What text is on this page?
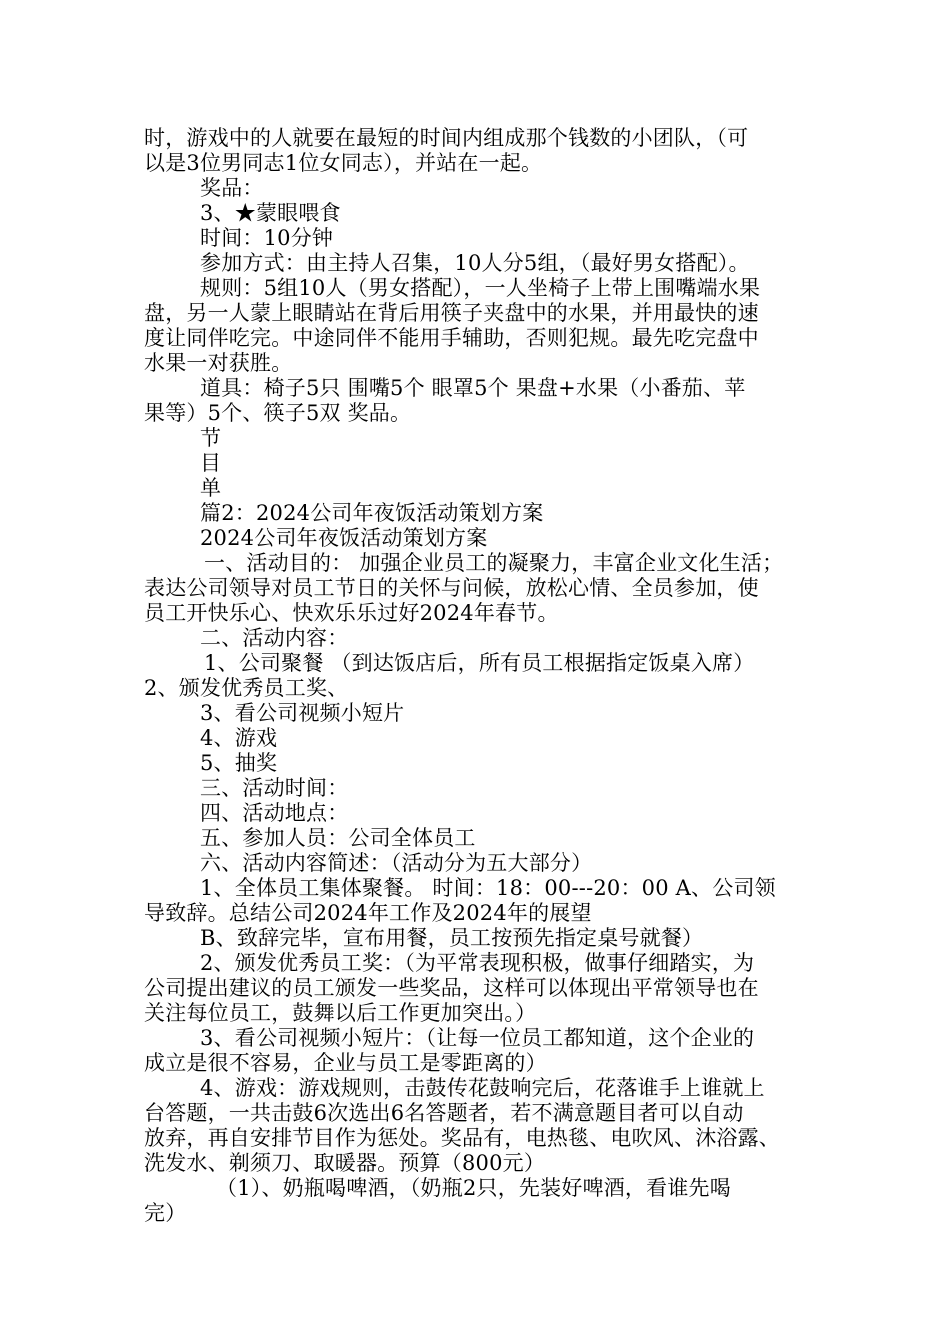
时，游戏中的人就要在最短的时间内组成那个钱数的小团队，（可
以是3位男同志1位女同志），并站在一起。
奖品：
3、★蒙眼喂食
时间：10分钟
参加方式：由主持人召集，10人分5组，（最好男女搭配）。
规则：5组10人（男女搭配），一人坐椅子上带上围嘴端水果
盘，另一人蒙上眼睛站在背后用筷子夹盘中的水果，并用最快的速
度让同伴吃完。中途同伴不能用手辅助，否则犯规。最先吃完盘中
水果一对获胜。
道具：椅子5只 围嘴5个 眼罩5个 果盘+水果（小番茄、苹
果等）5个、筷子5双 奖品。
节
目
单
篇2：2024公司年夜饭活动策划方案
2024公司年夜饭活动策划方案
一、活动目的： 加强企业员工的凝聚力，丰富企业文化生活；
表达公司领导对员工节日的关怀与问候，放松心情、全员参加，使
员工开快乐心、快欢乐乐过好2024年春节。
二、活动内容：
1、公司聚餐 （到达饭店后，所有员工根据指定饭桌入席）
2、颁发优秀员工奖、
3、看公司视频小短片
4、游戏
5、抽奖
三、活动时间：
四、活动地点：
五、参加人员：公司全体员工
六、活动内容简述：（活动分为五大部分）
1、全体员工集体聚餐。 时间：18：00---20：00 A、公司领
导致辞。总结公司2024年工作及2024年的展望
B、致辞完毕，宣布用餐，员工按预先指定桌号就餐）
2、颁发优秀员工奖：（为平常表现积极，做事仔细踏实，为
公司提出建议的员工颁发一些奖品，这样可以体现出平常领导也在
关注每位员工，鼓舞以后工作更加突出。）
3、看公司视频小短片：（让每一位员工都知道，这个企业的
成立是很不容易，企业与员工是零距离的）
4、游戏：游戏规则，击鼓传花鼓响完后，花落谁手上谁就上
台答题，一共击鼓6次选出6名答题者，若不满意题目者可以自动
放弃，再自安排节目作为惩处。奖品有，电热毯、电吹风、沐浴露、
洗发水、剃须刀、取暖器。预算（800元）
（1）、奶瓶喝啤酒，（奶瓶2只，先装好啤酒，看谁先喝
完）
